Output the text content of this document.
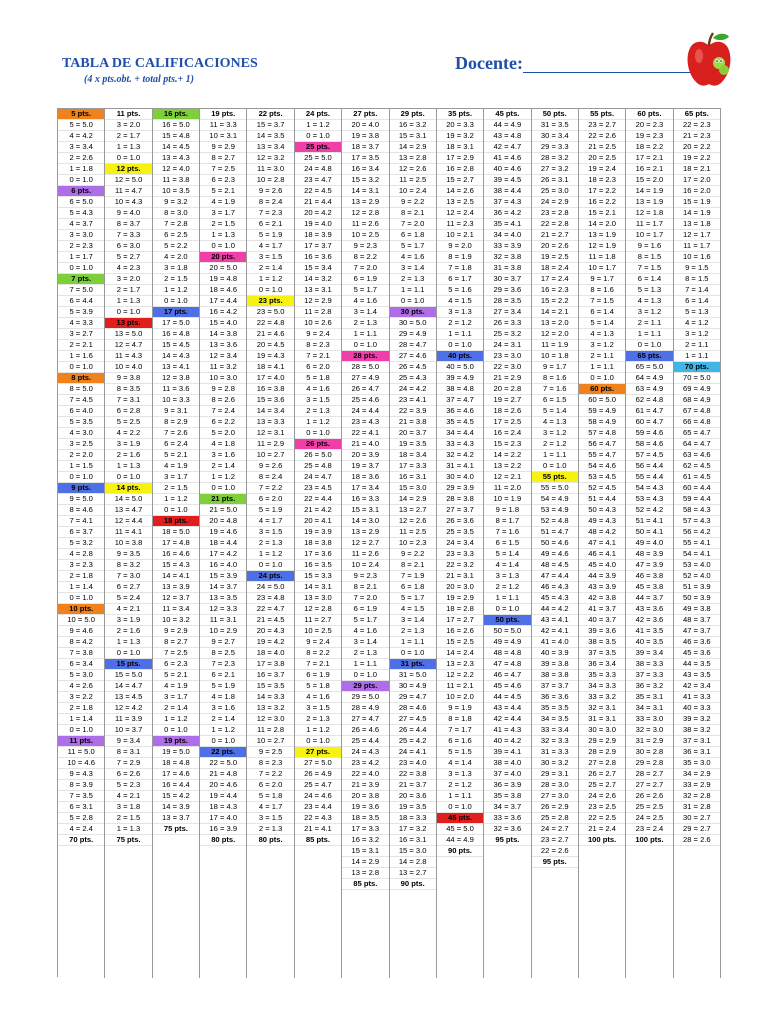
TABLA DE CALIFICACIONES
(4 x pts.obt. + total pts.+ 1)
Docente:
5 pts.
5 = 5.0
4 = 4.2
3 = 3.4
2 = 2.6
1 = 1.8
0 = 1.0
6 pts.
6 = 5.0
5 = 4.3
4 = 3.7
3 = 3.0
2 = 2.3
1 = 1.7
0 = 1.0
7 pts.
7 = 5.0
6 = 4.4
5 = 3.9
4 = 3.3
3 = 2.7
2 = 2.1
1 = 1.6
0 = 1.0
8 pts.
8 = 5.0
7 = 4.5
6 = 4.0
5 = 3.5
4 = 3.0
3 = 2.5
2 = 2.0
1 = 1.5
0 = 1.0
9 pts.
9 = 5.0
8 = 4.6
7 = 4.1
6 = 3.7
5 = 3.2
4 = 2.8
3 = 2.3
2 = 1.8
1 = 1.4
0 = 1.0
10 pts.
10 = 5.0
9 = 4.6
8 = 4.2
7 = 3.8
6 = 3.4
5 = 3.0
4 = 2.6
3 = 2.2
2 = 1.8
1 = 1.4
0 = 1.0
11 pts.
11 = 5.0
10 = 4.6
9 = 4.3
8 = 3.9
7 = 3.5
6 = 3.1
5 = 2.8
4 = 2.4
70 pts.
11 pts.
3 = 2.0
2 = 1.7
1 = 1.3
0 = 1.0
12 pts.
12 = 5.0
11 = 4.7
10 = 4.3
9 = 4.0
8 = 3.7
7 = 3.3
6 = 3.0
5 = 2.7
4 = 2.3
3 = 2.0
2 = 1.7
1 = 1.3
0 = 1.0
13 pts.
13 = 5.0
12 = 4.7
11 = 4.3
10 = 4.0
9 = 3.8
8 = 3.5
7 = 3.1
6 = 2.8
5 = 2.5
4 = 2.2
3 = 1.9
2 = 1.6
1 = 1.3
0 = 1.0
14 pts.
14 = 5.0
13 = 4.7
12 = 4.4
11 = 4.1
10 = 3.8
9 = 3.5
8 = 3.2
7 = 3.0
6 = 2.7
5 = 2.4
4 = 2.1
3 = 1.9
2 = 1.6
1 = 1.3
0 = 1.0
15 pts.
15 = 5.0
14 = 4.7
13 = 4.5
12 = 4.2
11 = 3.9
10 = 3.7
9 = 3.4
8 = 3.1
7 = 2.9
6 = 2.6
5 = 2.3
4 = 2.1
3 = 1.8
2 = 1.5
1 = 1.3
75 pts.
16 pts.
16 = 5.0
15 = 4.8
14 = 4.5
13 = 4.3
12 = 4.0
11 = 3.8
10 = 3.5
9 = 3.2
8 = 3.0
7 = 2.8
6 = 2.5
5 = 2.2
4 = 2.0
3 = 1.8
2 = 1.5
1 = 1.2
0 = 1.0
17 pts.
17 = 5.0
16 = 4.8
15 = 4.5
14 = 4.3
13 = 4.1
12 = 3.8
11 = 3.6
10 = 3.3
9 = 3.1
8 = 2.9
7 = 2.6
6 = 2.4
5 = 2.1
4 = 1.9
3 = 1.7
2 = 1.5
1 = 1.2
0 = 1.0
18 pts.
18 = 5.0
17 = 4.8
16 = 4.6
15 = 4.3
14 = 4.1
13 = 3.9
12 = 3.7
11 = 3.4
10 = 3.2
9 = 2.9
8 = 2.7
7 = 2.5
6 = 2.3
5 = 2.1
4 = 1.9
3 = 1.7
2 = 1.4
1 = 1.2
0 = 1.0
19 pts.
19 = 5.0
18 = 4.8
17 = 4.6
16 = 4.4
15 = 4.2
14 = 3.9
13 = 3.7
75 pts.
19 pts.
11 = 3.3
10 = 3.1
9 = 2.9
8 = 2.7
7 = 2.5
6 = 2.3
5 = 2.1
4 = 1.9
3 = 1.7
2 = 1.5
1 = 1.3
0 = 1.0
20 pts.
20 = 5.0
19 = 4.8
18 = 4.6
17 = 4.4
16 = 4.2
15 = 4.0
14 = 3.8
13 = 3.6
12 = 3.4
11 = 3.2
10 = 3.0
9 = 2.8
8 = 2.6
7 = 2.4
6 = 2.2
5 = 2.0
4 = 1.8
3 = 1.6
2 = 1.4
1 = 1.2
0 = 1.0
21 pts.
21 = 5.0
20 = 4.8
19 = 4.6
18 = 4.4
17 = 4.2
16 = 4.0
15 = 3.9
14 = 3.7
13 = 3.5
12 = 3.3
11 = 3.1
10 = 2.9
9 = 2.7
8 = 2.5
7 = 2.3
6 = 2.1
5 = 1.9
4 = 1.8
3 = 1.6
2 = 1.4
1 = 1.2
0 = 1.0
22 pts.
22 = 5.0
21 = 4.8
20 = 4.6
19 = 4.4
18 = 4.3
17 = 4.0
16 = 3.9
80 pts.
22 pts.
15 = 3.7
14 = 3.5
13 = 3.4
12 = 3.2
11 = 3.0
10 = 2.8
9 = 2.6
8 = 2.4
7 = 2.3
6 = 2.1
5 = 1.9
4 = 1.7
3 = 1.5
2 = 1.4
1 = 1.2
0 = 1.0
23 pts.
23 = 5.0
22 = 4.8
21 = 4.6
20 = 4.5
19 = 4.3
18 = 4.1
17 = 4.0
16 = 3.8
15 = 3.6
14 = 3.4
13 = 3.3
12 = 3.1
11 = 2.9
10 = 2.7
9 = 2.6
8 = 2.4
7 = 2.2
6 = 2.0
5 = 1.9
4 = 1.7
3 = 1.5
2 = 1.3
1 = 1.2
0 = 1.0
24 pts.
24 = 5.0
23 = 4.8
22 = 4.7
21 = 4.5
20 = 4.3
19 = 4.2
18 = 4.0
17 = 3.8
16 = 3.7
15 = 3.5
14 = 3.3
13 = 3.2
12 = 3.0
11 = 2.8
10 = 2.7
9 = 2.5
8 = 2.3
7 = 2.2
6 = 2.0
5 = 1.8
4 = 1.7
3 = 1.5
2 = 1.3
80 pts.
24 pts.
1 = 1.2
0 = 1.0
25 pts.
25 = 5.0
24 = 4.8
23 = 4.7
22 = 4.5
21 = 4.4
20 = 4.2
19 = 4.0
18 = 3.9
17 = 3.7
16 = 3.6
15 = 3.4
14 = 3.2
13 = 3.1
12 = 2.9
11 = 2.8
10 = 2.6
9 = 2.4
8 = 2.3
7 = 2.1
6 = 2.0
5 = 1.8
4 = 1.6
3 = 1.5
2 = 1.3
1 = 1.2
0 = 1.0
26 pts.
26 = 5.0
25 = 4.8
24 = 4.7
23 = 4.5
22 = 4.4
21 = 4.2
20 = 4.1
19 = 3.9
18 = 3.8
17 = 3.6
16 = 3.5
15 = 3.3
14 = 3.1
13 = 3.0
12 = 2.8
11 = 2.7
10 = 2.5
9 = 2.4
8 = 2.2
7 = 2.1
6 = 1.9
5 = 1.8
4 = 1.6
3 = 1.5
2 = 1.3
1 = 1.2
0 = 1.0
27 pts.
27 = 5.0
26 = 4.9
25 = 4.7
24 = 4.6
23 = 4.4
22 = 4.3
21 = 4.1
85 pts.
27 pts.
20 = 4.0
19 = 3.8
18 = 3.7
17 = 3.5
16 = 3.4
15 = 3.2
14 = 3.1
13 = 2.9
12 = 2.8
11 = 2.6
10 = 2.5
9 = 2.3
8 = 2.2
7 = 2.0
6 = 1.9
5 = 1.7
4 = 1.6
3 = 1.4
2 = 1.3
1 = 1.1
0 = 1.0
28 pts.
28 = 5.0
27 = 4.9
26 = 4.7
25 = 4.6
24 = 4.4
23 = 4.3
22 = 4.1
21 = 4.0
20 = 3.9
19 = 3.7
18 = 3.6
17 = 3.4
16 = 3.3
15 = 3.1
14 = 3.0
13 = 2.9
12 = 2.7
11 = 2.6
10 = 2.4
9 = 2.3
8 = 2.1
7 = 2.0
6 = 1.9
5 = 1.7
4 = 1.6
3 = 1.4
2 = 1.3
1 = 1.1
0 = 1.0
29 pts.
29 = 5.0
28 = 4.9
27 = 4.7
26 = 4.6
25 = 4.4
24 = 4.3
23 = 4.2
22 = 4.0
21 = 3.9
20 = 3.8
19 = 3.6
18 = 3.5
17 = 3.3
16 = 3.2
15 = 3.1
14 = 2.9
13 = 2.8
85 pts.
29 pts.
16 = 3.2
15 = 3.1
14 = 2.9
13 = 2.8
12 = 2.6
11 = 2.5
10 = 2.4
9 = 2.2
8 = 2.1
7 = 2.0
6 = 1.8
5 = 1.7
4 = 1.6
3 = 1.4
2 = 1.3
1 = 1.1
0 = 1.0
30 pts.
30 = 5.0
29 = 4.9
28 = 4.7
27 = 4.6
26 = 4.5
25 = 4.3
24 = 4.2
23 = 4.1
22 = 3.9
21 = 3.8
20 = 3.7
19 = 3.5
18 = 3.4
17 = 3.3
16 = 3.1
15 = 3.0
14 = 2.9
13 = 2.7
12 = 2.6
11 = 2.5
10 = 2.3
9 = 2.2
8 = 2.1
7 = 1.9
6 = 1.8
5 = 1.7
4 = 1.5
3 = 1.4
2 = 1.3
1 = 1.1
0 = 1.0
31 pts.
31 = 5.0
30 = 4.9
29 = 4.7
28 = 4.6
27 = 4.5
26 = 4.4
25 = 4.2
24 = 4.1
23 = 4.0
22 = 3.8
21 = 3.7
20 = 3.6
19 = 3.5
18 = 3.3
17 = 3.2
16 = 3.1
15 = 3.0
14 = 2.8
13 = 2.7
90 pts.
35 pts.
20 = 3.3
19 = 3.2
18 = 3.1
17 = 2.9
16 = 2.8
15 = 2.7
14 = 2.6
13 = 2.5
12 = 2.4
11 = 2.3
10 = 2.1
9 = 2.0
8 = 1.9
7 = 1.8
6 = 1.7
5 = 1.6
4 = 1.5
3 = 1.3
2 = 1.2
1 = 1.1
0 = 1.0
40 pts.
40 = 5.0
39 = 4.9
38 = 4.8
37 = 4.7
36 = 4.6
35 = 4.5
34 = 4.4
33 = 4.3
32 = 4.2
31 = 4.1
30 = 4.0
29 = 3.9
28 = 3.8
27 = 3.7
26 = 3.6
25 = 3.5
24 = 3.4
23 = 3.3
22 = 3.2
21 = 3.1
20 = 3.0
19 = 2.9
18 = 2.8
17 = 2.7
16 = 2.6
15 = 2.5
14 = 2.4
13 = 2.3
12 = 2.2
11 = 2.1
10 = 2.0
9 = 1.9
8 = 1.8
7 = 1.7
6 = 1.6
5 = 1.5
4 = 1.4
3 = 1.3
2 = 1.2
1 = 1.1
0 = 1.0
45 pts.
45 = 5.0
44 = 4.9
90 pts.
45 pts.
44 = 4.9
43 = 4.8
42 = 4.7
41 = 4.6
40 = 4.6
39 = 4.5
38 = 4.4
37 = 4.3
36 = 4.2
35 = 4.1
34 = 4.0
33 = 3.9
32 = 3.8
31 = 3.8
30 = 3.7
29 = 3.6
28 = 3.5
27 = 3.4
26 = 3.3
25 = 3.2
24 = 3.1
23 = 3.0
22 = 3.0
21 = 2.9
20 = 2.8
19 = 2.7
18 = 2.6
17 = 2.5
16 = 2.4
15 = 2.3
14 = 2.2
13 = 2.2
12 = 2.1
11 = 2.0
10 = 1.9
9 = 1.8
8 = 1.7
7 = 1.6
6 = 1.5
5 = 1.4
4 = 1.4
3 = 1.3
2 = 1.2
1 = 1.1
0 = 1.0
50 pts.
50 = 5.0
49 = 4.9
48 = 4.8
47 = 4.8
46 = 4.7
45 = 4.6
44 = 4.5
43 = 4.4
42 = 4.4
41 = 4.3
40 = 4.2
39 = 4.1
38 = 4.0
37 = 4.0
36 = 3.9
35 = 3.8
34 = 3.7
33 = 3.6
32 = 3.6
95 pts.
50 pts.
31 = 3.5
30 = 3.4
29 = 3.3
28 = 3.2
27 = 3.2
26 = 3.1
25 = 3.0
24 = 2.9
23 = 2.8
22 = 2.8
21 = 2.7
20 = 2.6
19 = 2.5
18 = 2.4
17 = 2.4
16 = 2.3
15 = 2.2
14 = 2.1
13 = 2.0
12 = 2.0
11 = 1.9
10 = 1.8
9 = 1.7
8 = 1.6
7 = 1.6
6 = 1.5
5 = 1.4
4 = 1.3
3 = 1.2
2 = 1.2
1 = 1.1
0 = 1.0
55 pts.
55 = 5.0
54 = 4.9
53 = 4.9
52 = 4.8
51 = 4.7
50 = 4.6
49 = 4.6
48 = 4.5
47 = 4.4
46 = 4.3
45 = 4.3
44 = 4.2
43 = 4.1
42 = 4.1
41 = 4.0
40 = 3.9
39 = 3.8
38 = 3.8
37 = 3.7
36 = 3.6
35 = 3.5
34 = 3.5
33 = 3.4
32 = 3.3
31 = 3.3
30 = 3.2
29 = 3.1
28 = 3.0
27 = 3.0
26 = 2.9
25 = 2.8
24 = 2.7
23 = 2.7
22 = 2.6
95 pts.
55 pts.
23 = 2.7
22 = 2.6
21 = 2.5
20 = 2.5
19 = 2.4
18 = 2.3
17 = 2.2
16 = 2.2
15 = 2.1
14 = 2.0
13 = 1.9
12 = 1.9
11 = 1.8
10 = 1.7
9 = 1.7
8 = 1.6
7 = 1.5
6 = 1.4
5 = 1.4
4 = 1.3
3 = 1.2
2 = 1.1
1 = 1.1
0 = 1.0
60 pts.
60 = 5.0
59 = 4.9
58 = 4.9
57 = 4.8
56 = 4.7
55 = 4.7
54 = 4.6
53 = 4.5
52 = 4.5
51 = 4.4
50 = 4.3
49 = 4.3
48 = 4.2
47 = 4.1
46 = 4.1
45 = 4.0
44 = 3.9
43 = 3.9
42 = 3.8
41 = 3.7
40 = 3.7
39 = 3.6
38 = 3.5
37 = 3.5
36 = 3.4
35 = 3.3
34 = 3.3
33 = 3.2
32 = 3.1
31 = 3.1
30 = 3.0
29 = 2.9
28 = 2.9
27 = 2.8
26 = 2.7
25 = 2.7
24 = 2.6
23 = 2.5
22 = 2.5
21 = 2.4
100 pts.
60 pts.
20 = 2.3
19 = 2.3
18 = 2.2
17 = 2.1
16 = 2.1
15 = 2.0
14 = 1.9
13 = 1.9
12 = 1.8
11 = 1.7
10 = 1.7
9 = 1.6
8 = 1.5
7 = 1.5
6 = 1.4
5 = 1.3
4 = 1.3
3 = 1.2
2 = 1.1
1 = 1.1
0 = 1.0
65 pts.
65 = 5.0
64 = 4.9
63 = 4.9
62 = 4.8
61 = 4.7
60 = 4.7
59 = 4.6
58 = 4.6
57 = 4.5
56 = 4.4
55 = 4.4
54 = 4.3
53 = 4.3
52 = 4.2
51 = 4.1
50 = 4.1
49 = 4.0
48 = 3.9
47 = 3.9
46 = 3.8
45 = 3.8
44 = 3.7
43 = 3.6
42 = 3.6
41 = 3.5
40 = 3.5
39 = 3.4
38 = 3.3
37 = 3.3
36 = 3.2
35 = 3.1
34 = 3.1
33 = 3.0
32 = 3.0
31 = 2.9
30 = 2.8
29 = 2.8
28 = 2.7
27 = 2.7
26 = 2.6
25 = 2.5
24 = 2.5
23 = 2.4
100 pts.
65 pts.
22 = 2.3
21 = 2.3
20 = 2.2
19 = 2.2
18 = 2.1
17 = 2.0
16 = 2.0
15 = 1.9
14 = 1.9
13 = 1.8
12 = 1.7
11 = 1.7
10 = 1.6
9 = 1.5
8 = 1.5
7 = 1.4
6 = 1.4
5 = 1.3
4 = 1.2
3 = 1.2
2 = 1.1
1 = 1.1
70 pts.
70 = 5.0
69 = 4.9
68 = 4.9
67 = 4.8
66 = 4.8
65 = 4.7
64 = 4.7
63 = 4.6
62 = 4.5
61 = 4.5
60 = 4.4
59 = 4.4
58 = 4.3
57 = 4.3
56 = 4.2
55 = 4.1
54 = 4.1
53 = 4.0
52 = 4.0
51 = 3.9
50 = 3.9
49 = 3.8
48 = 3.7
47 = 3.7
46 = 3.6
45 = 3.6
44 = 3.5
43 = 3.5
42 = 3.4
41 = 3.3
40 = 3.3
39 = 3.2
38 = 3.2
37 = 3.1
36 = 3.1
35 = 3.0
34 = 2.9
33 = 2.9
32 = 2.8
31 = 2.8
30 = 2.7
29 = 2.7
28 = 2.6
